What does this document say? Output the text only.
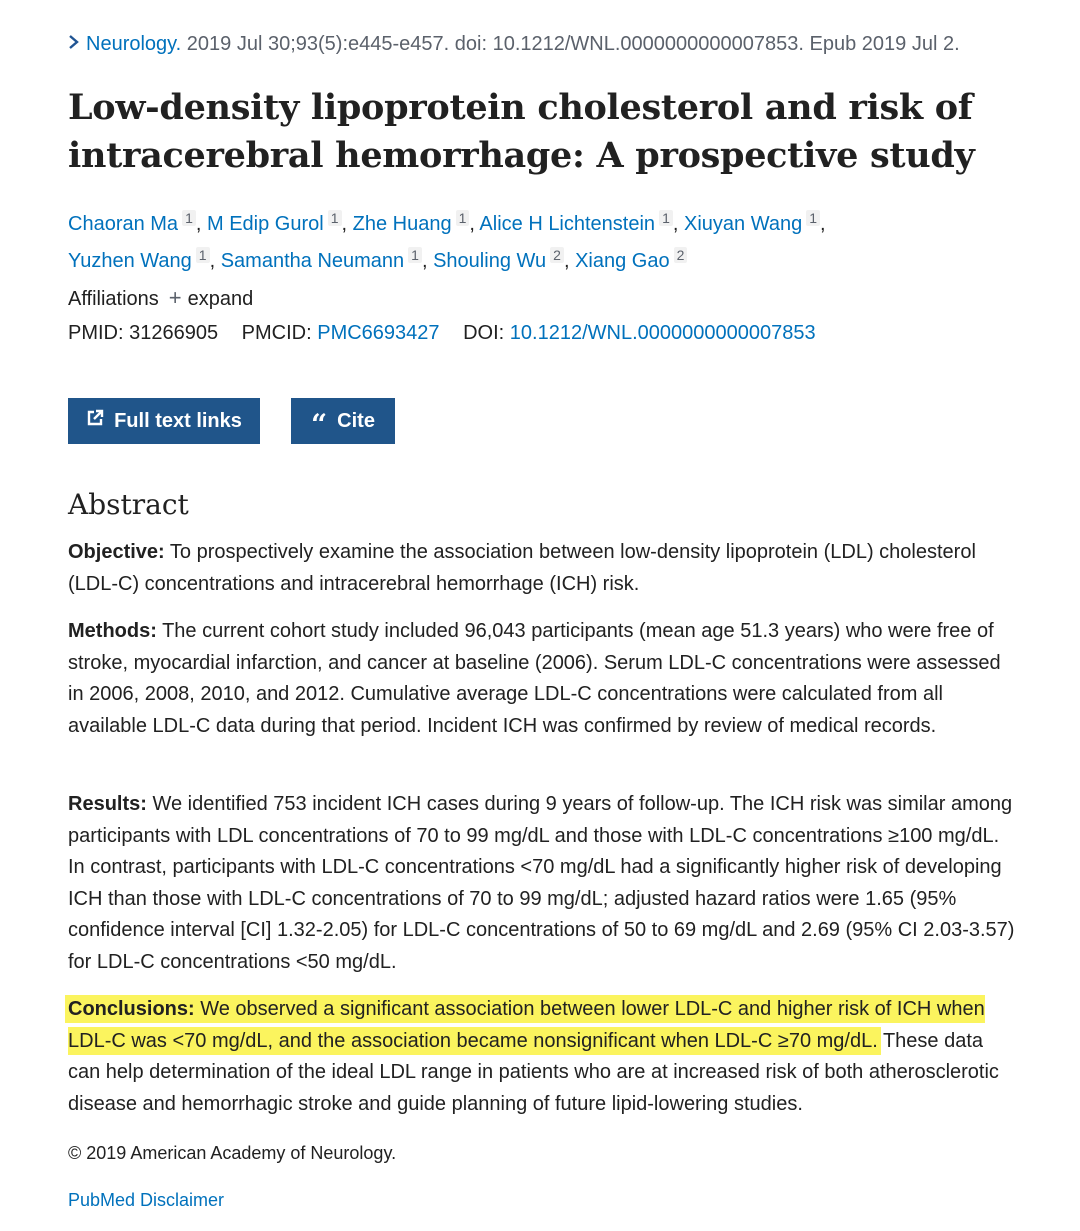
Neurology. 2019 Jul 30;93(5):e445-e457. doi: 10.1212/WNL.0000000000007853. Epub 2019 Jul 2.
Low-density lipoprotein cholesterol and risk of intracerebral hemorrhage: A prospective study
Chaoran Ma $^1$ , M Edip Gurol $^1$ , Zhe Huang $^1$ , Alice H Lichtenstein $^1$ , Xiuyan Wang $^1$ ,
Yuzhen Wang $^1$ , Samantha Neumann $^1$ , Shouling Wu $^2$ , Xiang Gao $^2$
Affiliations + expand
PMID: 31266905 PMCID: PMC6693427 DOI: 10.1212/WNL.0000000000007853
Full text links “ Cite
Abstract

Objective: To prospectively examine the association between low-density lipoprotein (LDL) cholesterol (LDL-C) concentrations and intracerebral hemorrhage (ICH) risk.

Methods: The current cohort study included 96,043 participants (mean age 51.3 years) who were free of stroke, myocardial infarction, and cancer at baseline (2006). Serum LDL-C concentrations were assessed in 2006, 2008, 2010, and 2012. Cumulative average LDL-C concentrations were calculated from all available LDL-C data during that period. Incident ICH was confirmed by review of medical records.

Results: We identified 753 incident ICH cases during 9 years of follow-up. The ICH risk was similar among participants with LDL concentrations of 70 to 99 mg/dL and those with LDL-C concentrations ≥100 mg/dL. In contrast, participants with LDL-C concentrations <70 mg/dL had a significantly higher risk of developing ICH than those with LDL-C concentrations of 70 to 99 mg/dL; adjusted hazard ratios were 1.65 (95% confidence interval [CI] 1.32-2.05) for LDL-C concentrations of 50 to 69 mg/dL and 2.69 (95% CI 2.03-3.57) for LDL-C concentrations <50 mg/dL.

Conclusions: We observed a significant association between lower LDL-C and higher risk of ICH when LDL-C was <70 mg/dL, and the association became nonsignificant when LDL-C ≥70 mg/dL. These data can help determination of the ideal LDL range in patients who are at increased risk of both atherosclerotic disease and hemorrhagic stroke and guide planning of future lipid-lowering studies.

© 2019 American Academy of Neurology.
PubMed Disclaimer
